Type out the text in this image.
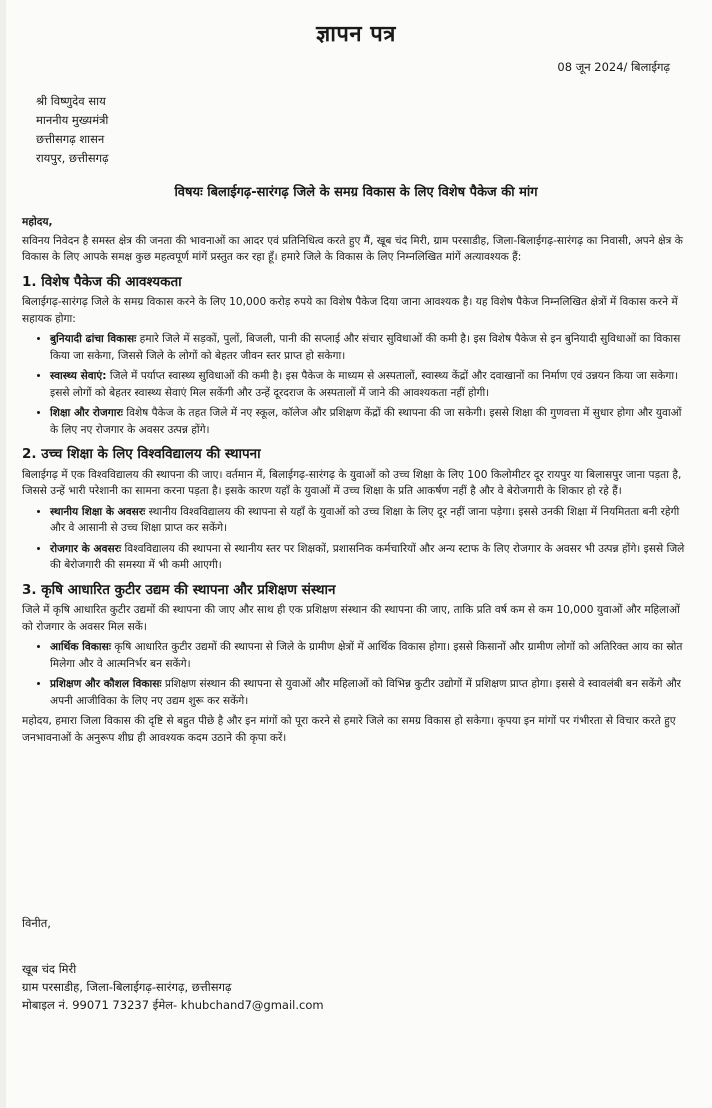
ज्ञापन पत्र
08 जून 2024/ बिलाईगढ़
श्री विष्णुदेव साय
माननीय मुख्यमंत्री
छत्तीसगढ़ शासन
रायपुर, छत्तीसगढ़
विषयः बिलाईगढ़-सारंगढ़ जिले के समग्र विकास के लिए विशेष पैकेज की मांग

महोदय,

सविनय निवेदन है समस्त क्षेत्र की जनता की भावनाओं का आदर एवं प्रतिनिधित्व करते हुए मैं, खूब चंद मिरी, ग्राम परसाडीह, जिला-बिलाईगढ़-सारंगढ़ का निवासी, अपने क्षेत्र के विकास के लिए आपके समक्ष कुछ महत्वपूर्ण मांगें प्रस्तुत कर रहा हूँ। हमारे जिले के विकास के लिए निम्नलिखित मांगें अत्यावश्यक हैं:

1. विशेष पैकेज की आवश्यकता

बिलाईगढ़-सारंगढ़ जिले के समग्र विकास करने के लिए 10,000 करोड़ रुपये का विशेष पैकेज दिया जाना आवश्यक है। यह विशेष पैकेज निम्नलिखित क्षेत्रों में विकास करने में सहायक होगा:

• बुनियादी ढांचा विकासः हमारे जिले में सड़कों, पुलों, बिजली, पानी की सप्लाई और संचार सुविधाओं की कमी है। इस विशेष पैकेज से इन बुनियादी सुविधाओं का विकास किया जा सकेगा, जिससे जिले के लोगों को बेहतर जीवन स्तर प्राप्त हो सकेगा।
• स्वास्थ्य सेवाएं: जिले में पर्याप्त स्वास्थ्य सुविधाओं की कमी है। इस पैकेज के माध्यम से अस्पतालों, स्वास्थ्य केंद्रों और दवाखानों का निर्माण एवं उन्नयन किया जा सकेगा। इससे लोगों को बेहतर स्वास्थ्य सेवाएं मिल सकेंगी और उन्हें दूरदराज के अस्पतालों में जाने की आवश्यकता नहीं होगी।
• शिक्षा और रोजगारः विशेष पैकेज के तहत जिले में नए स्कूल, कॉलेज और प्रशिक्षण केंद्रों की स्थापना की जा सकेगी। इससे शिक्षा की गुणवत्ता में सुधार होगा और युवाओं के लिए नए रोजगार के अवसर उत्पन्न होंगे।
2. उच्च शिक्षा के लिए विश्वविद्यालय की स्थापना

बिलाईगढ़ में एक विश्वविद्यालय की स्थापना की जाए। वर्तमान में, बिलाईगढ़-सारंगढ़ के युवाओं को उच्च शिक्षा के लिए 100 किलोमीटर दूर रायपुर या बिलासपुर जाना पड़ता है, जिससे उन्हें भारी परेशानी का सामना करना पड़ता है। इसके कारण यहाँ के युवाओं में उच्च शिक्षा के प्रति आकर्षण नहीं है और वे बेरोजगारी के शिकार हो रहे हैं।

• स्थानीय शिक्षा के अवसरः स्थानीय विश्वविद्यालय की स्थापना से यहाँ के युवाओं को उच्च शिक्षा के लिए दूर नहीं जाना पड़ेगा। इससे उनकी शिक्षा में नियमितता बनी रहेगी और वे आसानी से उच्च शिक्षा प्राप्त कर सकेंगे।
• रोजगार के अवसरः विश्वविद्यालय की स्थापना से स्थानीय स्तर पर शिक्षकों, प्रशासनिक कर्मचारियों और अन्य स्टाफ के लिए रोजगार के अवसर भी उत्पन्न होंगे। इससे जिले की बेरोजगारी की समस्या में भी कमी आएगी।
3. कृषि आधारित कुटीर उद्यम की स्थापना और प्रशिक्षण संस्थान

जिले में कृषि आधारित कुटीर उद्यमों की स्थापना की जाए और साथ ही एक प्रशिक्षण संस्थान की स्थापना की जाए, ताकि प्रति वर्ष कम से कम 10,000 युवाओं और महिलाओं को रोजगार के अवसर मिल सकें।

• आर्थिक विकासः कृषि आधारित कुटीर उद्यमों की स्थापना से जिले के ग्रामीण क्षेत्रों में आर्थिक विकास होगा। इससे किसानों और ग्रामीण लोगों को अतिरिक्त आय का स्रोत मिलेगा और वे आत्मनिर्भर बन सकेंगे।
• प्रशिक्षण और कौशल विकासः प्रशिक्षण संस्थान की स्थापना से युवाओं और महिलाओं को विभिन्न कुटीर उद्योगों में प्रशिक्षण प्राप्त होगा। इससे वे स्वावलंबी बन सकेंगे और अपनी आजीविका के लिए नए उद्यम शुरू कर सकेंगे।

महोदय, हमारा जिला विकास की दृष्टि से बहुत पीछे है और इन मांगों को पूरा करने से हमारे जिले का समग्र विकास हो सकेगा। कृपया इन मांगों पर गंभीरता से विचार करते हुए जनभावनाओं के अनुरूप शीघ्र ही आवश्यक कदम उठाने की कृपा करें।

विनीत,
खूब चंद मिरी
ग्राम परसाडीह, जिला-बिलाईगढ़-सारंगढ़, छत्तीसगढ़
मोबाइल नं. 99071 73237 ईमेल- khubchand7@gmail.com
